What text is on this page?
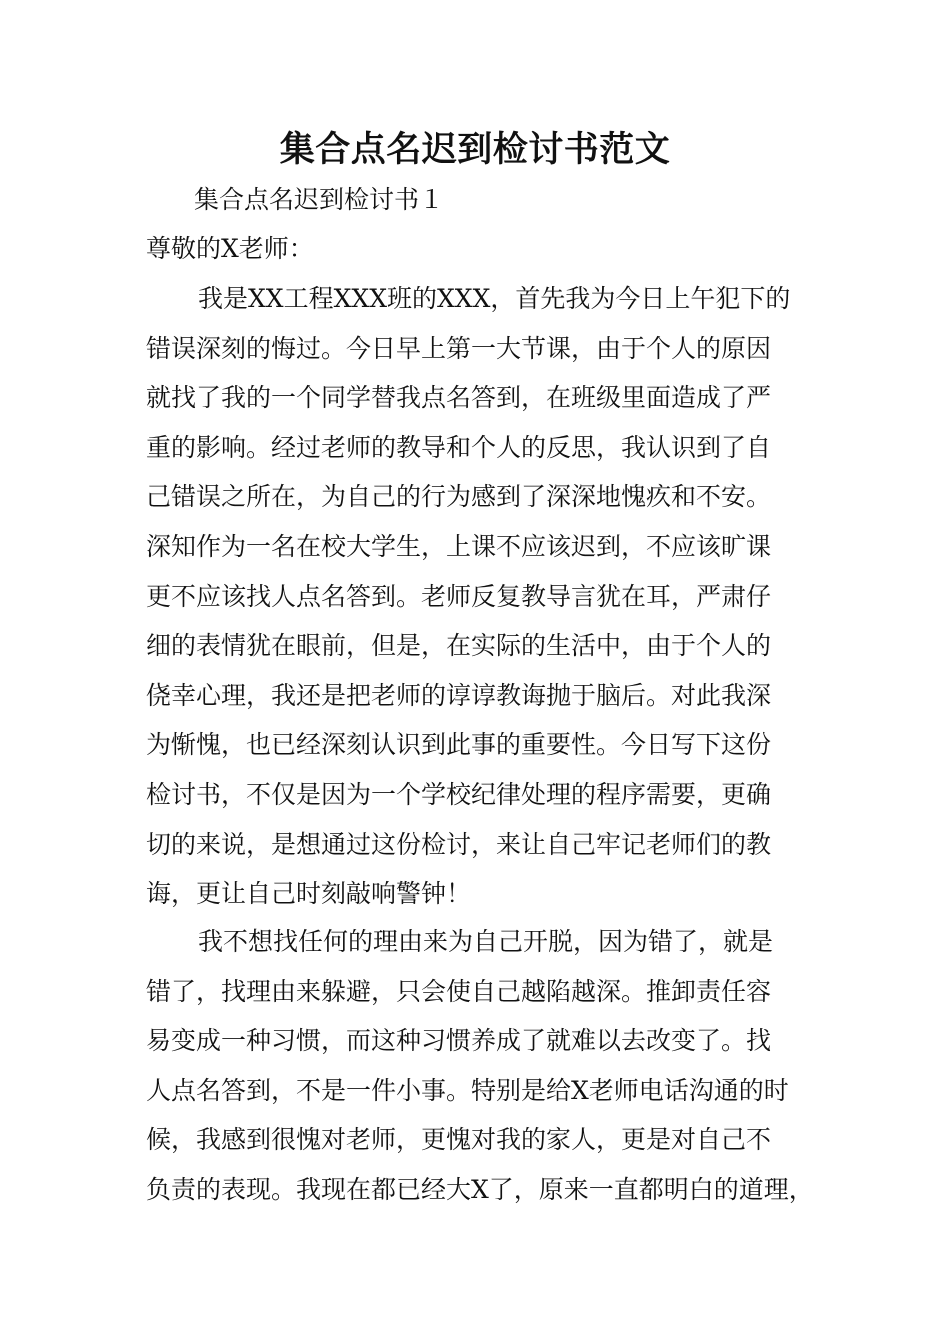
集合点名迟到检讨书范文
集合点名迟到检讨书１
尊敬的X老师：
我是XX工程XXX班的XXX，首先我为今日上午犯下的
错误深刻的悔过。今日早上第一大节课，由于个人的原因
就找了我的一个同学替我点名答到，在班级里面造成了严
重的影响。经过老师的教导和个人的反思，我认识到了自
己错误之所在，为自己的行为感到了深深地愧疚和不安。
深知作为一名在校大学生，上课不应该迟到，不应该旷课
更不应该找人点名答到。老师反复教导言犹在耳，严肃仔
细的表情犹在眼前，但是，在实际的生活中，由于个人的
侥幸心理，我还是把老师的谆谆教诲抛于脑后。对此我深
为惭愧，也已经深刻认识到此事的重要性。今日写下这份
检讨书，不仅是因为一个学校纪律处理的程序需要，更确
切的来说，是想通过这份检讨，来让自己牢记老师们的教
诲，更让自己时刻敲响警钟！
我不想找任何的理由来为自己开脱，因为错了，就是
错了，找理由来躲避，只会使自己越陷越深。推卸责任容
易变成一种习惯，而这种习惯养成了就难以去改变了。找
人点名答到，不是一件小事。特别是给X老师电话沟通的时
候，我感到很愧对老师，更愧对我的家人，更是对自己不
负责的表现。我现在都已经大X了，原来一直都明白的道理，
